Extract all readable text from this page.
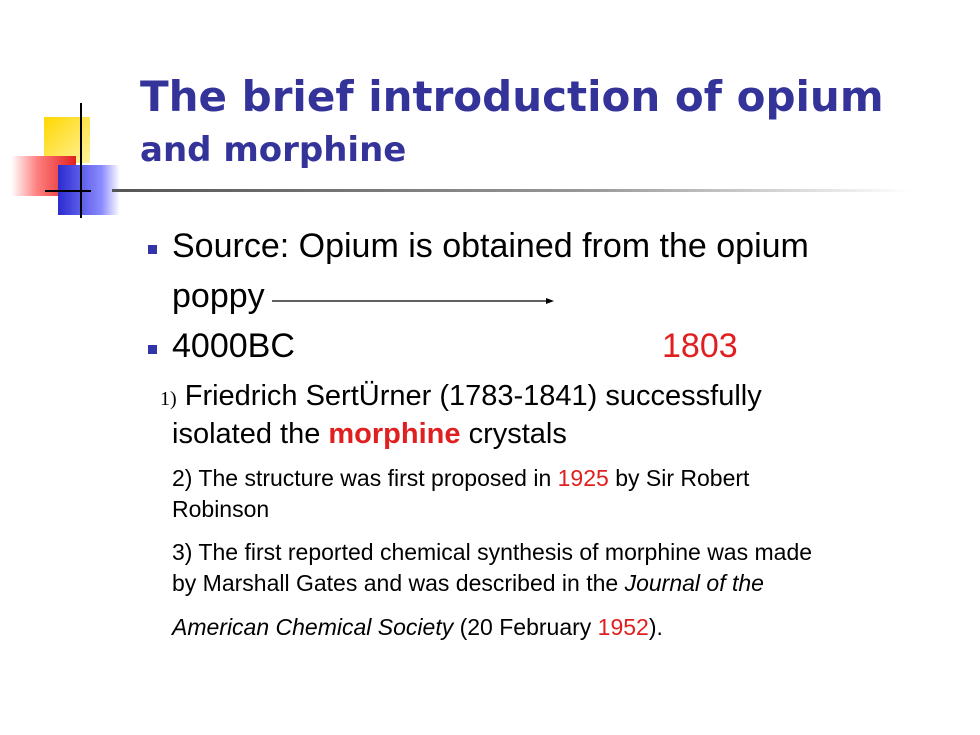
The brief introduction of opium
and morphine
Source: Opium is obtained from the opium
poppy
4000BC	1803
1) Friedrich SertÜrner (1783-1841) successfully
isolated the morphine crystals
2) The structure was first proposed in 1925 by Sir Robert
Robinson
3) The first reported chemical synthesis of morphine was made
by Marshall Gates and was described in the Journal of the
American Chemical Society (20 February 1952).
